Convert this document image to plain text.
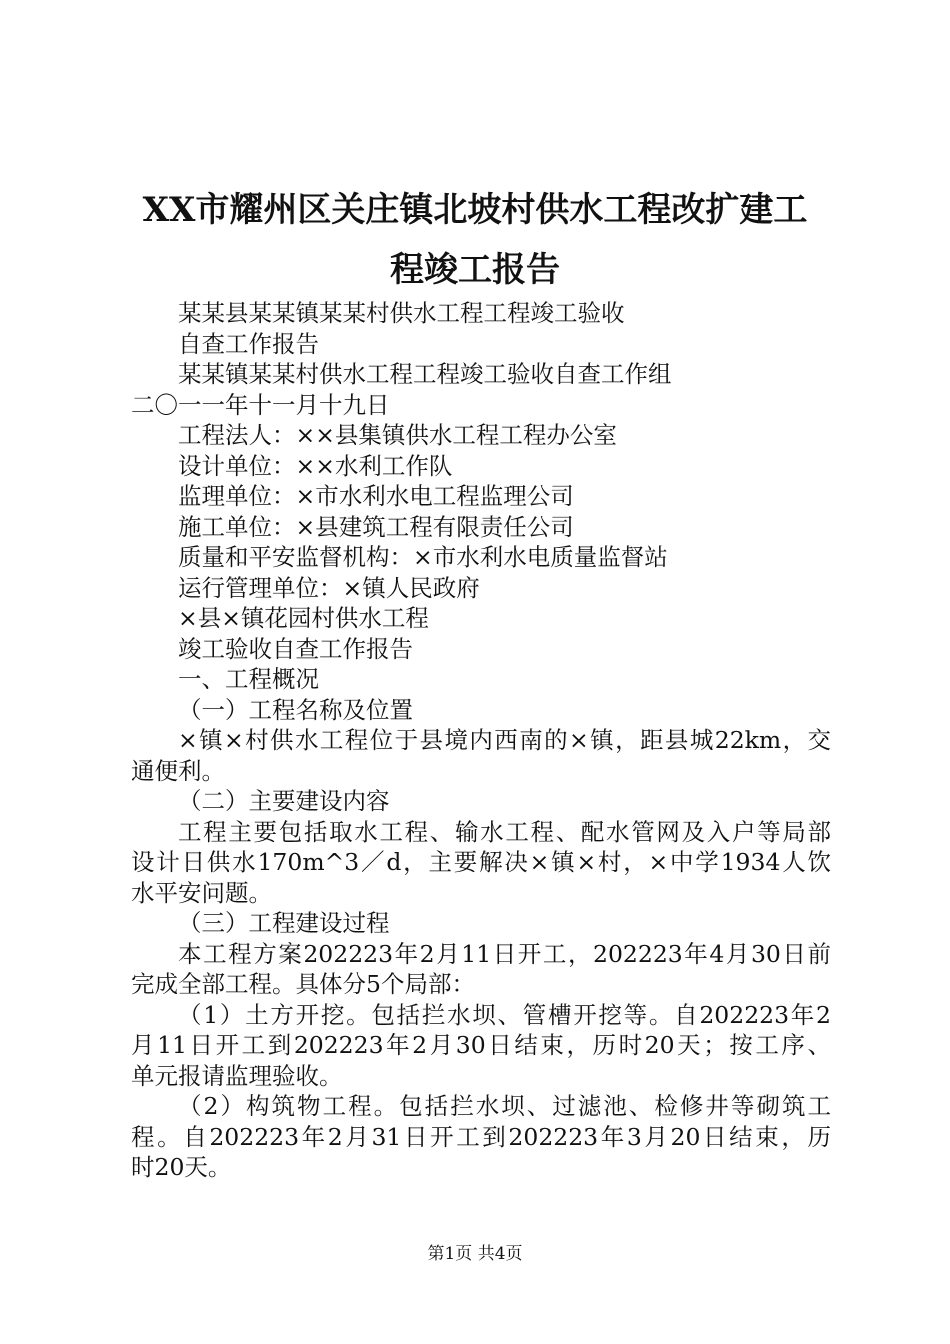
XX市耀州区关庄镇北坡村供水工程改扩建工
程竣工报告
某某县某某镇某某村供水工程工程竣工验收
自查工作报告
某某镇某某村供水工程工程竣工验收自查工作组
二〇一一年十一月十九日
工程法人：××县集镇供水工程工程办公室
设计单位：××水利工作队
监理单位：×市水利水电工程监理公司
施工单位：×县建筑工程有限责任公司
质量和平安监督机构：×市水利水电质量监督站
运行管理单位：×镇人民政府
×县×镇花园村供水工程
竣工验收自查工作报告
一、工程概况
（一）工程名称及位置
×镇×村供水工程位于县境内西南的×镇，距县城22km，交
通便利。
（二）主要建设内容
工程主要包括取水工程、输水工程、配水管网及入户等局部
设计日供水170m^3／d，主要解决×镇×村，×中学1934人饮
水平安问题。
（三）工程建设过程
本工程方案202223年2月11日开工，202223年4月30日前
完成全部工程。具体分5个局部：
（1）土方开挖。包括拦水坝、管槽开挖等。自202223年2
月11日开工到202223年2月30日结束，历时20天；按工序、
单元报请监理验收。
（2）构筑物工程。包括拦水坝、过滤池、检修井等砌筑工
程。自202223年2月31日开工到202223年3月20日结束，历
时20天。
第1页 共4页
